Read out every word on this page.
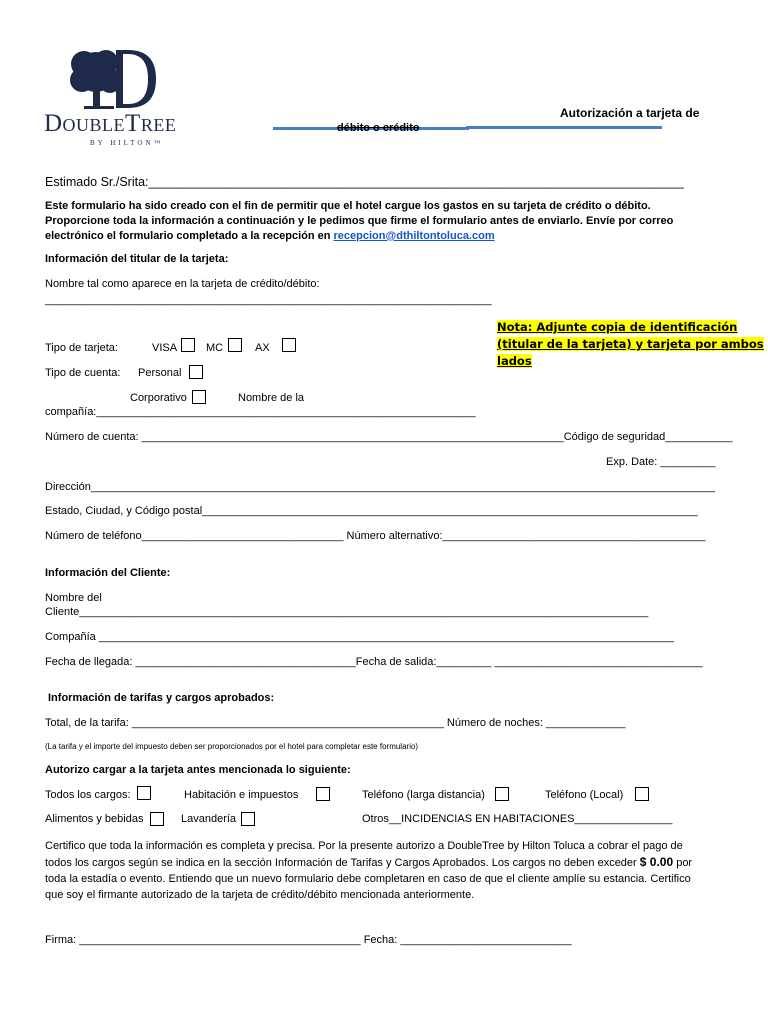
DoubleTree
BY HILTON™
Autorización a tarjeta de
débito o crédito
Estimado Sr./Srita:_____________________________________________________________________________
Este formulario ha sido creado con el fin de permitir que el hotel cargue los gastos en su tarjeta de crédito o débito.
Proporcione toda la información a continuación y le pedimos que firme el formulario antes de enviarlo. Envíe por correo
electrónico el formulario completado a la recepción en recepcion@dthiltontoluca.com
Información del titular de la tarjeta:
Nombre tal como aparece en la tarjeta de crédito/débito:
_________________________________________________________________________
Nota: Adjunte copia de identificación
(titular de la tarjeta) y tarjeta por ambos
lados
Tipo de tarjeta:	VISA	MC	AX
Tipo de cuenta: Personal
Corporativo	Nombre de la
compañía:______________________________________________________________
Número de cuenta: _____________________________________________________________________Código de seguridad___________
Exp. Date: _________
Dirección______________________________________________________________________________________________________
Estado, Ciudad, y Código postal_________________________________________________________________________________
Número de teléfono_________________________________ Número alternativo:___________________________________________
Información del Cliente:
Nombre del
Cliente_____________________________________________________________________________________________
Compañía ______________________________________________________________________________________________
Fecha de llegada: ____________________________________Fecha de salida:_________ __________________________________
Información de tarifas y cargos aprobados:
Total, de la tarifa: ___________________________________________________ Número de noches: _____________
(La tarifa y el importe del impuesto deben ser proporcionados por el hotel para completar este formulario)
Autorizo cargar a la tarjeta antes mencionada lo siguiente:
Todos los cargos:	Habitación e impuestos	Teléfono (larga distancia)	Teléfono (Local)
Alimentos y bebidas	Lavandería	Otros__INCIDENCIAS EN HABITACIONES________________
Certifico que toda la información es completa y precisa. Por la presente autorizo a DoubleTree by Hilton Toluca a cobrar el pago de
todos los cargos según se indica en la sección Información de Tarifas y Cargos Aprobados. Los cargos no deben exceder $ 0.00 por
toda la estadía o evento. Entiendo que un nuevo formulario debe completaren en caso de que el cliente amplíe su estancia. Certifico
que soy el firmante autorizado de la tarjeta de crédito/débito mencionada anteriormente.
Firma: ______________________________________________ Fecha: ____________________________
